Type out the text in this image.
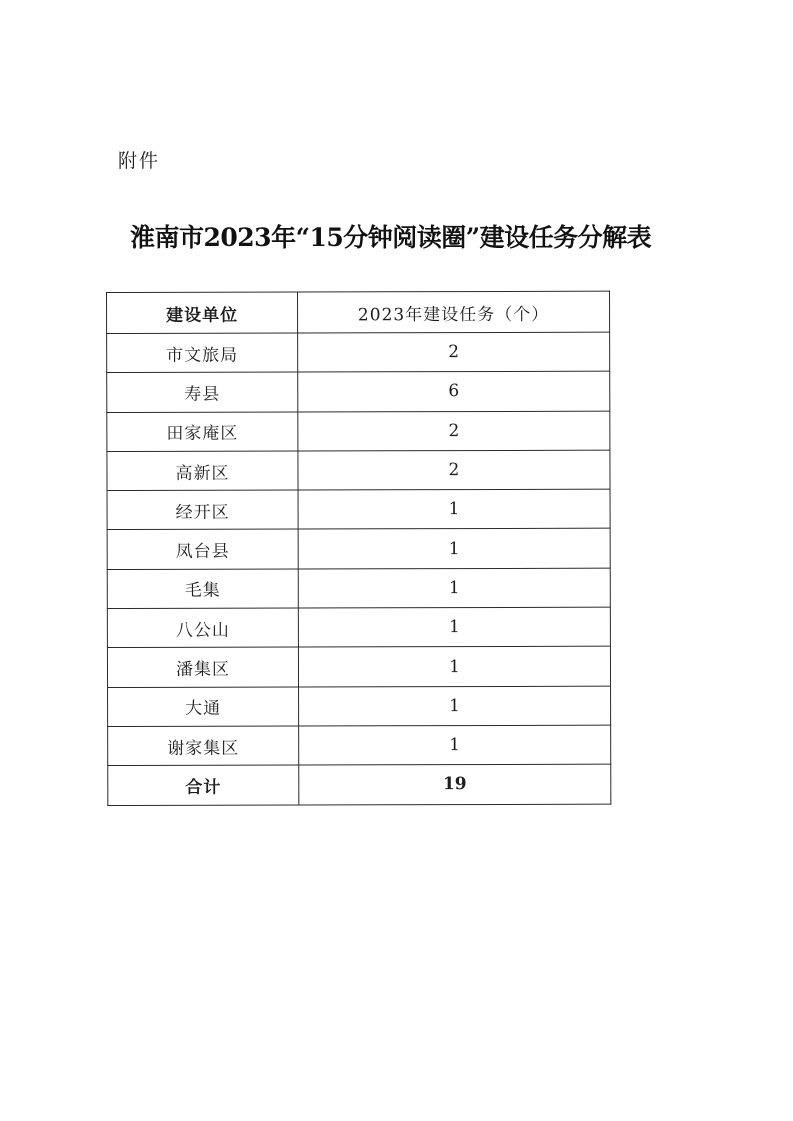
附件
淮南市2023年“15分钟阅读圈”建设任务分解表
建设单位	2023年建设任务（个）
市文旅局	2
寿县	6
田家庵区	2
高新区	2
经开区	1
凤台县	1
毛集	1
八公山	1
潘集区	1
大通	1
谢家集区	1
合计	19
